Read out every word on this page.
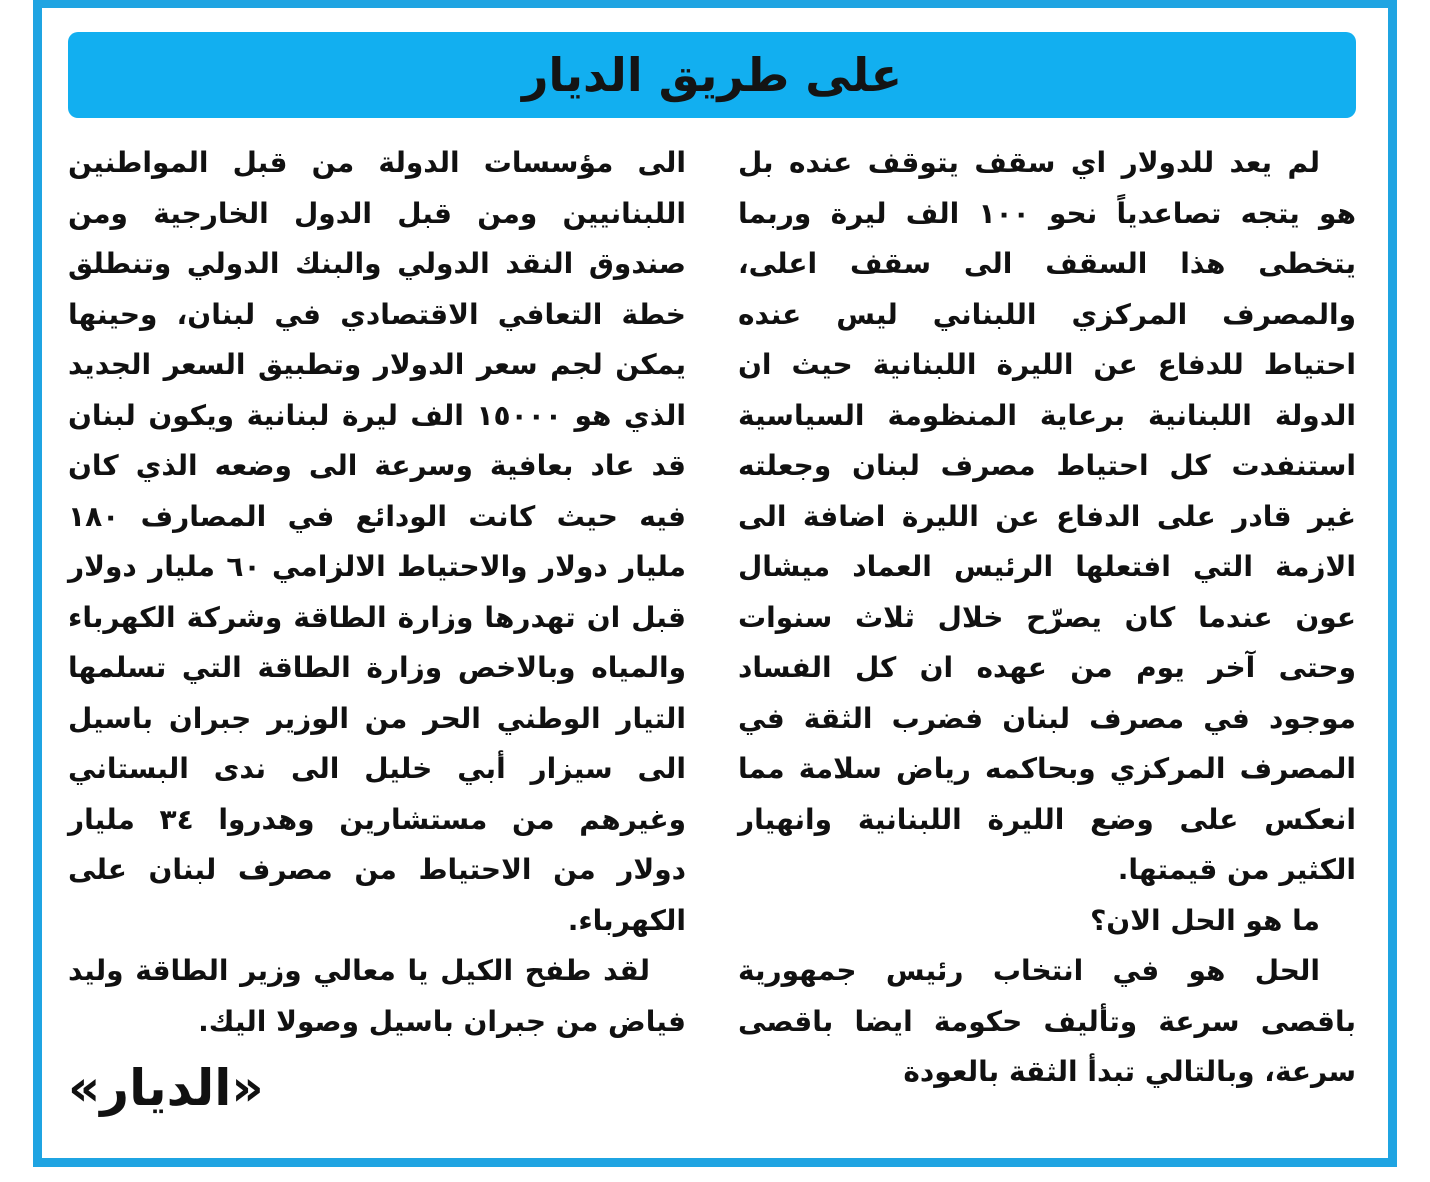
على طريق الديار

لم يعد للدولار اي سقف يتوقف عنده بل هو يتجه تصاعدياً نحو ١٠٠ الف ليرة وربما يتخطى هذا السقف الى سقف اعلى، والمصرف المركزي اللبناني ليس عنده احتياط للدفاع عن الليرة اللبنانية حيث ان الدولة اللبنانية برعاية المنظومة السياسية استنفدت كل احتياط مصرف لبنان وجعلته غير قادر على الدفاع عن الليرة اضافة الى الازمة التي افتعلها الرئيس العماد ميشال عون عندما كان يصرّح خلال ثلاث سنوات وحتى آخر يوم من عهده ان كل الفساد موجود في مصرف لبنان فضرب الثقة في المصرف المركزي وبحاكمه رياض سلامة مما انعكس على وضع الليرة اللبنانية وانهيار الكثير من قيمتها.

ما هو الحل الان؟

الحل هو في انتخاب رئيس جمهورية باقصى سرعة وتأليف حكومة ايضا باقصى سرعة، وبالتالي تبدأ الثقة بالعودة

الى مؤسسات الدولة من قبل المواطنين اللبنانيين ومن قبل الدول الخارجية ومن صندوق النقد الدولي والبنك الدولي وتنطلق خطة التعافي الاقتصادي في لبنان، وحينها يمكن لجم سعر الدولار وتطبيق السعر الجديد الذي هو ١٥٠٠٠ الف ليرة لبنانية ويكون لبنان قد عاد بعافية وسرعة الى وضعه الذي كان فيه حيث كانت الودائع في المصارف ١٨٠ مليار دولار والاحتياط الالزامي ٦٠ مليار دولار قبل ان تهدرها وزارة الطاقة وشركة الكهرباء والمياه وبالاخص وزارة الطاقة التي تسلمها التيار الوطني الحر من الوزير جبران باسيل الى سيزار أبي خليل الى ندى البستاني وغيرهم من مستشارين وهدروا ٣٤ مليار دولار من الاحتياط من مصرف لبنان على الكهرباء.

لقد طفح الكيل يا معالي وزير الطاقة وليد فياض من جبران باسيل وصولا اليك.

«الديار»
